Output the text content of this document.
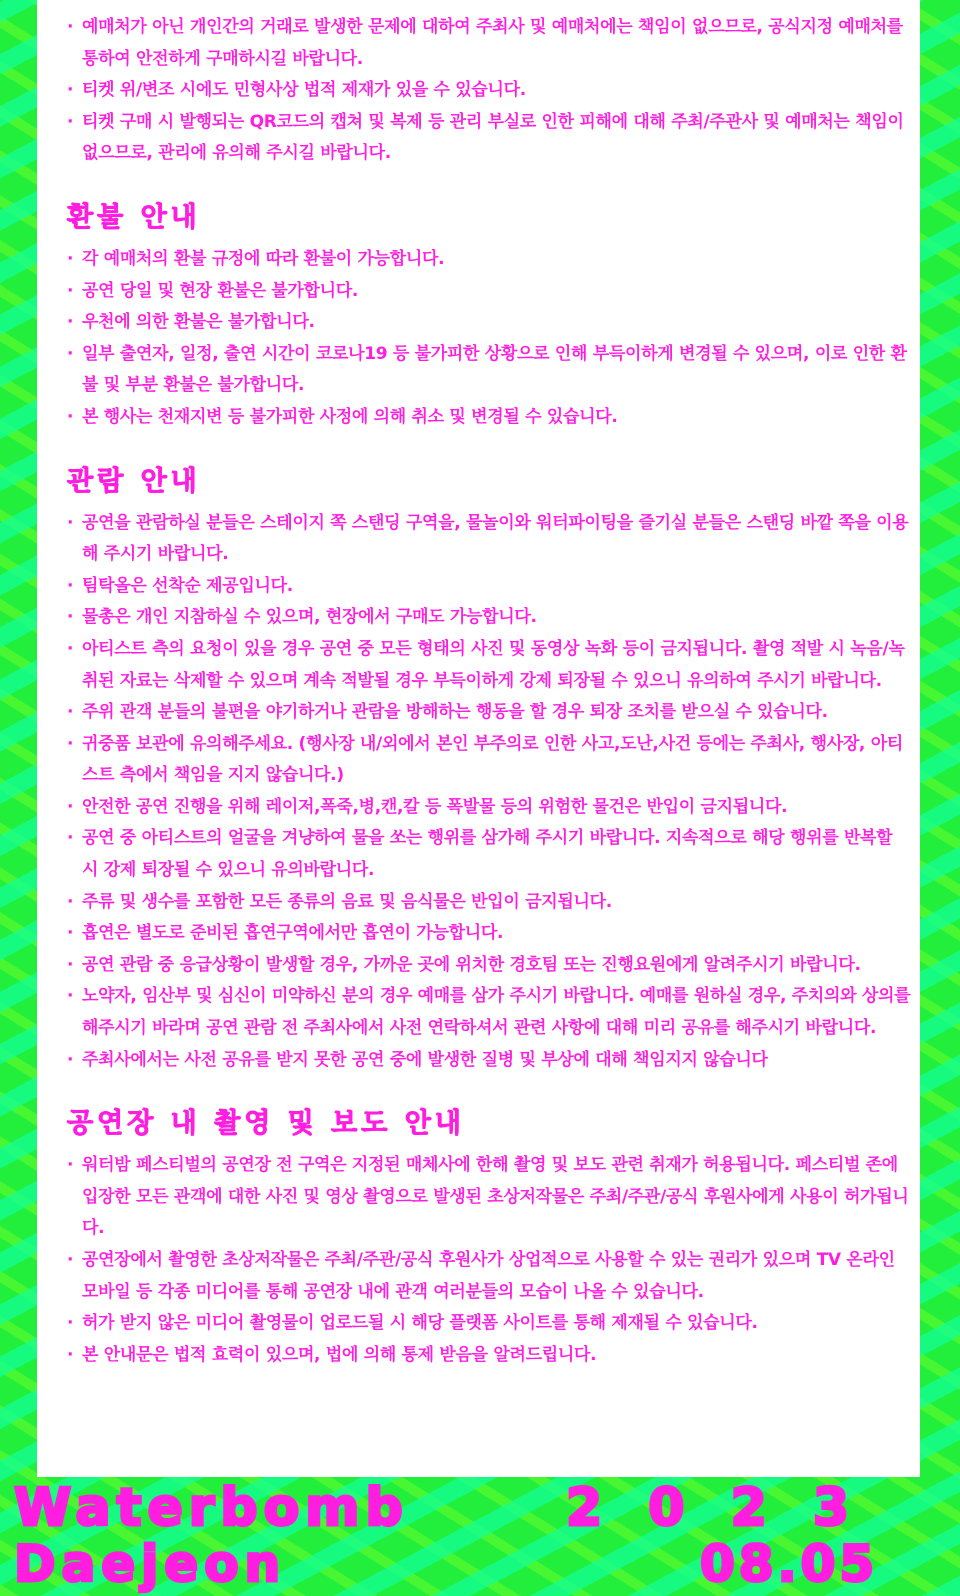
· 예매처가 아닌 개인간의 거래로 발생한 문제에 대하여 주최사 및 예매처에는 책임이 없으므로, 공식지정 예매처를 통하여 안전하게 구매하시길 바랍니다.
· 티켓 위/변조 시에도 민형사상 법적 제재가 있을 수 있습니다.
· 티켓 구매 시 발행되는 QR코드의 캡쳐 및 복제 등 관리 부실로 인한 피해에 대해 주최/주관사 및 예매처는 책임이 없으므로, 관리에 유의해 주시길 바랍니다.
환불 안내
· 각 예매처의 환불 규정에 따라 환불이 가능합니다.
· 공연 당일 및 현장 환불은 불가합니다.
· 우천에 의한 환불은 불가합니다.
· 일부 출연자, 일정, 출연 시간이 코로나19 등 불가피한 상황으로 인해 부득이하게 변경될 수 있으며, 이로 인한 환불 및 부분 환불은 불가합니다.
· 본 행사는 천재지변 등 불가피한 사정에 의해 취소 및 변경될 수 있습니다.
관람 안내
· 공연을 관람하실 분들은 스테이지 쪽 스탠딩 구역을, 물놀이와 워터파이팅을 즐기실 분들은 스탠딩 바깥 쪽을 이용해 주시기 바랍니다.
· 팀탁올은 선착순 제공입니다.
· 물총은 개인 지참하실 수 있으며, 현장에서 구매도 가능합니다.
· 아티스트 측의 요청이 있을 경우 공연 중 모든 형태의 사진 및 동영상 녹화 등이 금지됩니다. 촬영 적발 시 녹음/녹취된 자료는 삭제할 수 있으며 계속 적발될 경우 부득이하게 강제 퇴장될 수 있으니 유의하여 주시기 바랍니다.
· 주위 관객 분들의 불편을 야기하거나 관람을 방해하는 행동을 할 경우 퇴장 조치를 받으실 수 있습니다.
· 귀중품 보관에 유의해주세요. (행사장 내/외에서 본인 부주의로 인한 사고,도난,사건 등에는 주최사, 행사장, 아티스트 측에서 책임을 지지 않습니다.)
· 안전한 공연 진행을 위해 레이저,폭죽,병,캔,칼 등 폭발물 등의 위험한 물건은 반입이 금지됩니다.
· 공연 중 아티스트의 얼굴을 겨냥하여 물을 쏘는 행위를 삼가해 주시기 바랍니다. 지속적으로 해당 행위를 반복할 시 강제 퇴장될 수 있으니 유의바랍니다.
· 주류 및 생수를 포함한 모든 종류의 음료 및 음식물은 반입이 금지됩니다.
· 흡연은 별도로 준비된 흡연구역에서만 흡연이 가능합니다.
· 공연 관람 중 응급상황이 발생할 경우, 가까운 곳에 위치한 경호팀 또는 진행요원에게 알려주시기 바랍니다.
· 노약자, 임산부 및 심신이 미약하신 분의 경우 예매를 삼가 주시기 바랍니다. 예매를 원하실 경우, 주치의와 상의를 해주시기 바라며 공연 관람 전 주최사에서 사전 연락하셔서 관련 사항에 대해 미리 공유를 해주시기 바랍니다.
· 주최사에서는 사전 공유를 받지 못한 공연 중에 발생한 질병 및 부상에 대해 책임지지 않습니다
공연장 내 촬영 및 보도 안내
· 워터밤 페스티벌의 공연장 전 구역은 지정된 매체사에 한해 촬영 및 보도 관련 취재가 허용됩니다. 페스티벌 존에 입장한 모든 관객에 대한 사진 및 영상 촬영으로 발생된 초상저작물은 주최/주관/공식 후원사에게 사용이 허가됩니다.
· 공연장에서 촬영한 초상저작물은 주최/주관/공식 후원사가 상업적으로 사용할 수 있는 권리가 있으며 TV 온라인 모바일 등 각종 미디어를 통해 공연장 내에 관객 여러분들의 모습이 나올 수 있습니다.
· 허가 받지 않은 미디어 촬영물이 업로드될 시 해당 플랫폼 사이트를 통해 제재될 수 있습니다.
· 본 안내문은 법적 효력이 있으며, 법에 의해 통제 받음을 알려드립니다.
Waterbomb	2 0 2 3
Daejeon	08.05
